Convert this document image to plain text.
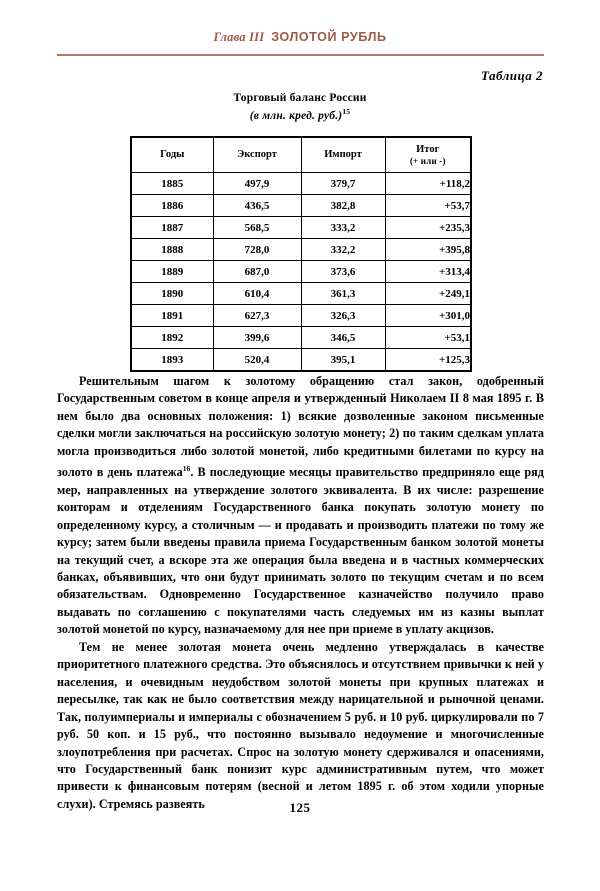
Глава III ЗОЛОТОЙ РУБЛЬ
Таблица 2
Торговый баланс России
(в млн. кред. руб.)$^{15}$
Годы	Экспорт	Импорт	Итог
(+ или -)

1885	497,9	379,7	+118,2
1886	436,5	382,8	+53,7
1887	568,5	333,2	+235,3
1888	728,0	332,2	+395,8
1889	687,0	373,6	+313,4
1890	610,4	361,3	+249,1
1891	627,3	326,3	+301,0
1892	399,6	346,5	+53,1
1893	520,4	395,1	+125,3

Решительным шагом к золотому обращению стал закон, одобренный Государственным советом в конце апреля и утвержденный Николаем II 8 мая 1895 г. В нем было два основных положения: 1) всякие дозволенные законом письменные сделки могли заключаться на российскую золотую монету; 2) по таким сделкам уплата могла производиться либо золотой монетой, либо кредитными билетами по курсу на золото в день платежа$^{16}$. В последующие месяцы правительство предприняло еще ряд мер, направленных на утверждение золотого эквивалента. В их числе: разрешение конторам и отделениям Государственного банка покупать золотую монету по определенному курсу, а столичным — и продавать и производить платежи по тому же курсу; затем были введены правила приема Государственным банком золотой монеты на текущий счет, а вскоре эта же операция была введена и в частных коммерческих банках, объявивших, что они будут принимать золото по текущим счетам и по всем обязательствам. Одновременно Государственное казначейство получило право выдавать по соглашению с покупателями часть следуемых им из казны выплат золотой монетой по курсу, назначаемому для нее при приеме в уплату акцизов.

Тем не менее золотая монета очень медленно утверждалась в качестве приоритетного платежного средства. Это объяснялось и отсутствием привычки к ней у населения, и очевидным неудобством золотой монеты при крупных платежах и пересылке, так как не было соответствия между нарицательной и рыночной ценами. Так, полуимпериалы и империалы с обозначением 5 руб. и 10 руб. циркулировали по 7 руб. 50 коп. и 15 руб., что постоянно вызывало недоумение и многочисленные злоупотребления при расчетах. Спрос на золотую монету сдерживался и опасениями, что Государственный банк понизит курс административным путем, что может привести к финансовым потерям (весной и летом 1895 г. об этом ходили упорные слухи). Стремясь развеять	125
